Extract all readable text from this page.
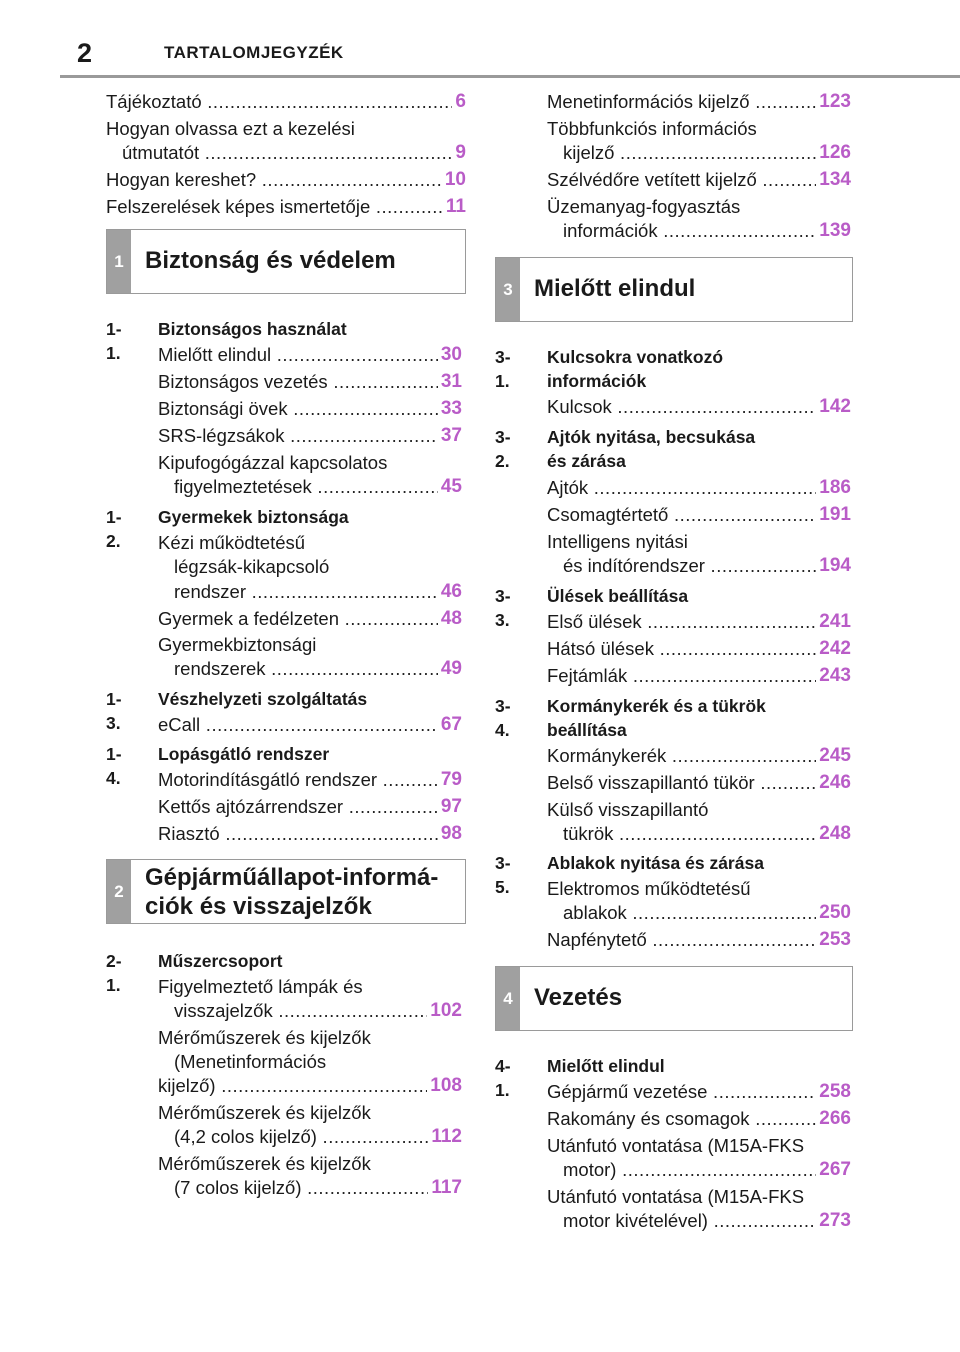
2	TARTALOMJEGYZÉK
Tájékoztató .....	6
Hogyan olvassa ezt a kezelési
útmutatót .....	9
Hogyan kereshet? .....	10
Felszerelések képes ismertetője .....	11
1 Biztonság és védelem
1-1.
Biztonságos használat
Mielőtt elindul .....	30
Biztonságos vezetés .....	31
Biztonsági övek .....	33
SRS-légzsákok .....	37
Kipufogógázzal kapcsolatos
figyelmeztetések .....	45
1-2.
Gyermekek biztonsága
Kézi működtetésű
légzsák-kikapcsoló
rendszer .....	46
Gyermek a fedélzeten .....	48
Gyermekbiztonsági
rendszerek .....	49
1-3.
Vészhelyzeti szolgáltatás
eCall .....	67
1-4.
Lopásgátló rendszer
Motorindításgátló rendszer .....	79
Kettős ajtózárrendszer .....	97
Riasztó .....	98
2 Gépjárműállapot-informá-
ciók és visszajelzők
2-1.
Műszercsoport
Figyelmeztető lámpák és
visszajelzők .....	102
Mérőműszerek és kijelzők
(Menetinformációs
kijelző) .....	108
Mérőműszerek és kijelzők
(4,2 colos kijelző) .....	112
Mérőműszerek és kijelzők
(7 colos kijelző) .....	117
Menetinformációs kijelző .....	123
Többfunkciós információs
kijelző .....	126
Szélvédőre vetített kijelző .....	134
Üzemanyag-fogyasztás
információk .....	139
3 Mielőtt elindul
3-1.
Kulcsokra vonatkozó
információk
Kulcsok .....	142
3-2.
Ajtók nyitása, becsukása
és zárása
Ajtók .....	186
Csomagtértető .....	191
Intelligens nyitási
és indítórendszer .....	194
3-3.
Ülések beállítása
Első ülések .....	241
Hátsó ülések .....	242
Fejtámlák .....	243
3-4.
Kormánykerék és a tükrök
beállítása
Kormánykerék .....	245
Belső visszapillantó tükör .....	246
Külső visszapillantó
tükrök .....	248
3-5.
Ablakok nyitása és zárása
Elektromos működtetésű
ablakok .....	250
Napfénytető .....	253
4 Vezetés
4-1.
Mielőtt elindul
Gépjármű vezetése .....	258
Rakomány és csomagok .....	266
Utánfutó vontatása (M15A-FKS
motor) .....	267
Utánfutó vontatása (M15A-FKS
motor kivételével) .....	273
